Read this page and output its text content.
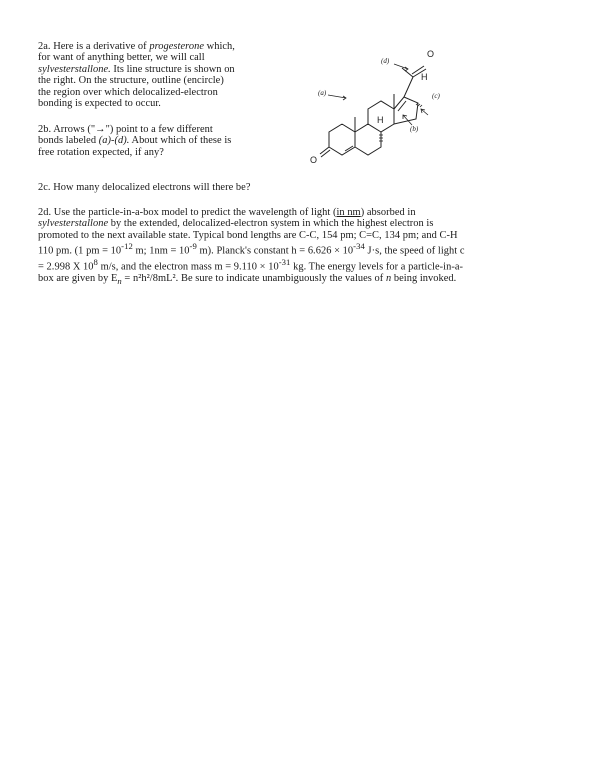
2a. Here is a derivative of progesterone which,
for want of anything better, we will call
sylvesterstallone. Its line structure is shown on
the right. On the structure, outline (encircle)
the region over which delocalized-electron
bonding is expected to occur.
2b. Arrows ("→") point to a few different
bonds labeled (a)-(d). About which of these is
free rotation expected, if any?
2c. How many delocalized electrons will there be?
2d. Use the particle-in-a-box model to predict the wavelength of light (in nm) absorbed in
sylvesterstallone by the extended, delocalized-electron system in which the highest electron is
promoted to the next available state. Typical bond lengths are C-C, 154 pm; C=C, 134 pm; and C-H
110 pm. (1 pm = $10^{-12}$ m; $1nm = 10^{-9}$ m). Planck's constant $h = 6.626 \times 10^{-34}$ J·s, the speed of light c
= 2.998 X $10^8$ m/s, and the electron mass $m = 9.110 \times 10^{-31}$ kg. The energy levels for a particle-in-a-
box are given by $E_n = n^2h^2/8mL^2$. Be sure to indicate unambiguously the values of n being invoked.
(a)
(d)
(c)
(b)
O
O
H
H
